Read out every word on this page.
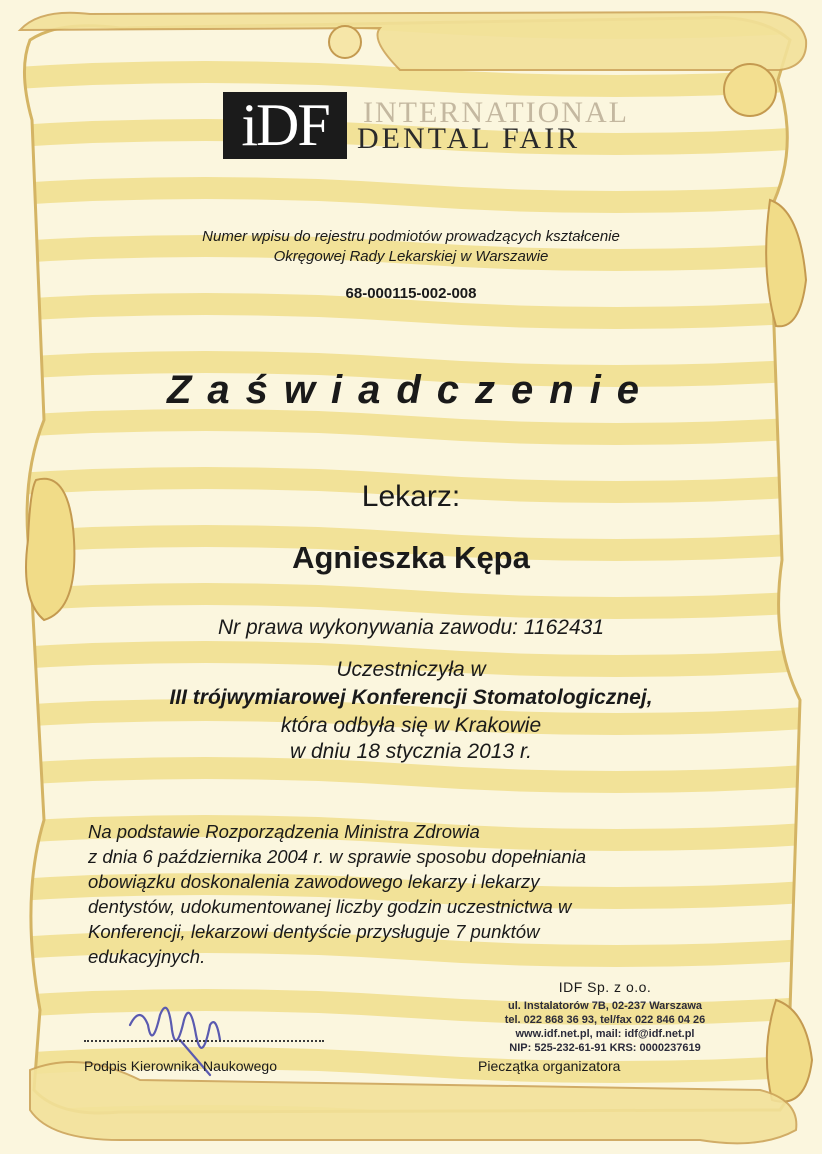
iDF	INTERNATIONAL
DENTAL FAIR
Numer wpisu do rejestru podmiotów prowadzących kształcenie
Okręgowej Rady Lekarskiej w Warszawie
68-000115-002-008
Zaświadczenie
Lekarz:
Agnieszka Kępa
Nr prawa wykonywania zawodu: 1162431
Uczestniczyła w
III trójwymiarowej Konferencji Stomatologicznej,
która odbyła się w Krakowie
w dniu 18 stycznia 2013 r.
Na podstawie Rozporządzenia Ministra Zdrowia
z dnia 6 października 2004 r. w sprawie sposobu dopełniania
obowiązku doskonalenia zawodowego lekarzy i lekarzy
dentystów, udokumentowanej liczby godzin uczestnictwa w
Konferencji, lekarzowi dentyście przysługuje 7 punktów
edukacyjnych.
IDF Sp. z o.o.
ul. Instalatorów 7B, 02-237 Warszawa
tel. 022 868 36 93, tel/fax 022 846 04 26
www.idf.net.pl, mail: idf@idf.net.pl
NIP: 525-232-61-91 KRS: 0000237619
Podpis Kierownika Naukowego	Pieczątka organizatora
